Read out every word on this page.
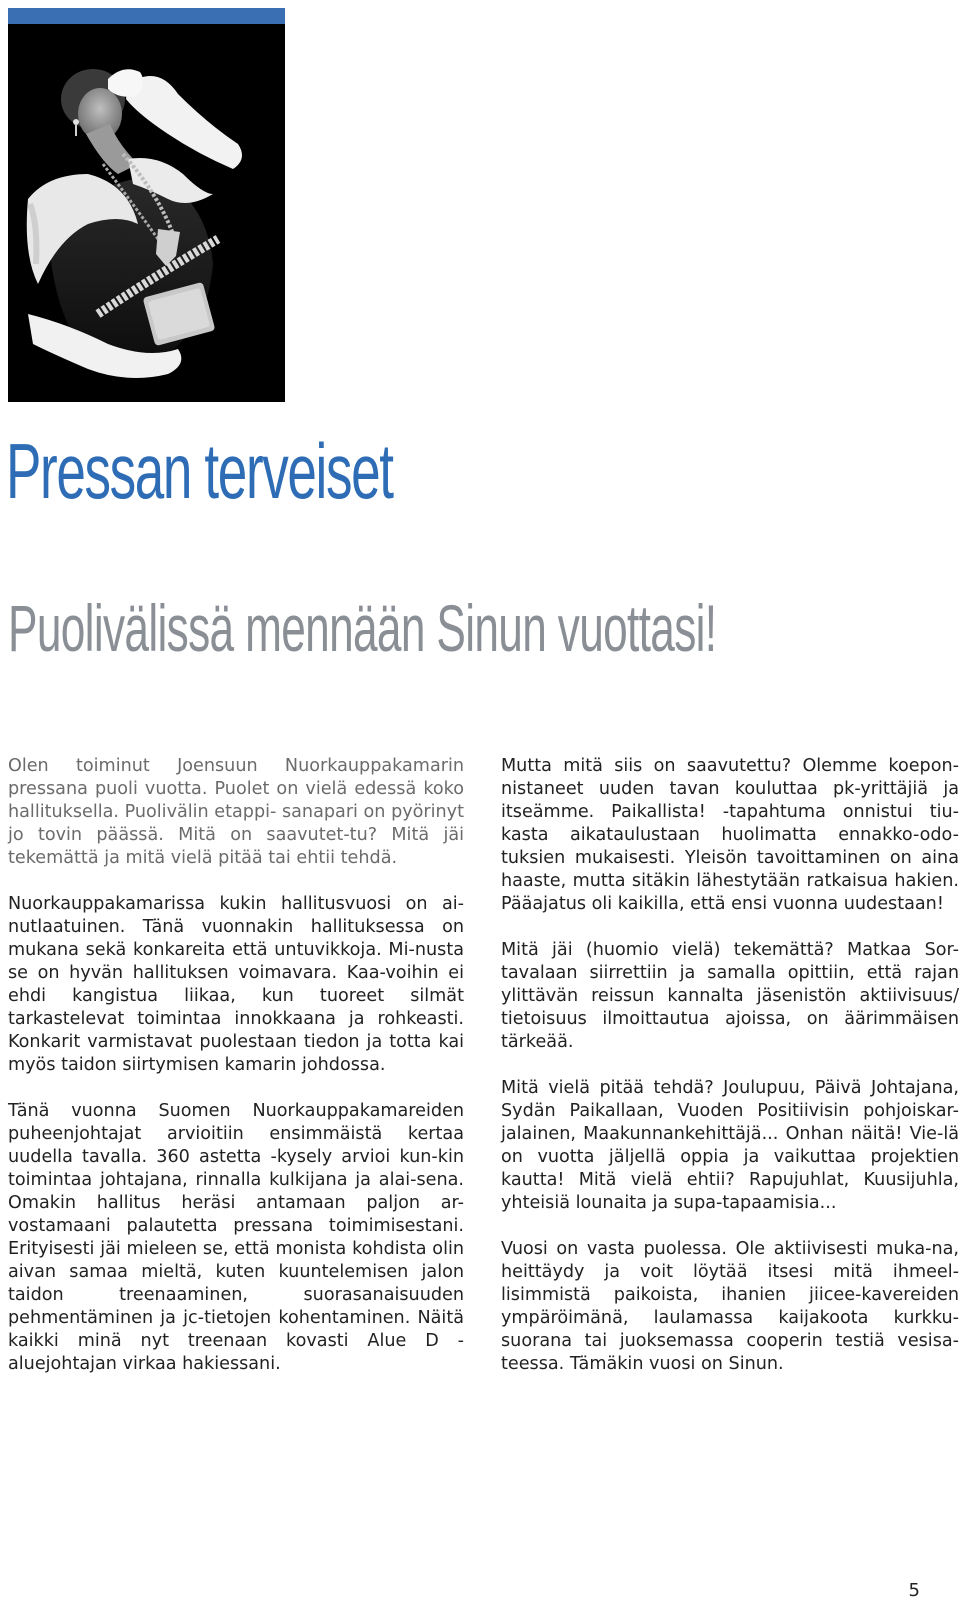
Pressan terveiset
Puolivälissä mennään Sinun vuottasi!

Olen toiminut Joensuun Nuorkauppakamarin pressana puoli vuotta. Puolet on vielä edessä koko hallituksella. Puolivälin etappi- sanapari on pyörinyt jo tovin päässä. Mitä on saavutet-tu? Mitä jäi tekemättä ja mitä vielä pitää tai ehtii tehdä.

Nuorkauppakamarissa kukin hallitusvuosi on ai-nutlaatuinen. Tänä vuonnakin hallituksessa on mukana sekä konkareita että untuvikkoja. Mi-nusta se on hyvän hallituksen voimavara. Kaa-voihin ei ehdi kangistua liikaa, kun tuoreet silmät tarkastelevat toimintaa innokkaana ja rohkeasti. Konkarit varmistavat puolestaan tiedon ja totta kai myös taidon siirtymisen kamarin johdossa.

Tänä vuonna Suomen Nuorkauppakamareiden puheenjohtajat arvioitiin ensimmäistä kertaa uudella tavalla. 360 astetta -kysely arvioi kun-kin toimintaa johtajana, rinnalla kulkijana ja alai-sena. Omakin hallitus heräsi antamaan paljon ar-vostamaani palautetta pressana toimimisestani. Erityisesti jäi mieleen se, että monista kohdista olin aivan samaa mieltä, kuten kuuntelemisen jalon taidon treenaaminen, suorasanaisuuden pehmentäminen ja jc-tietojen kohentaminen. Näitä kaikki minä nyt treenaan kovasti Alue D -aluejohtajan virkaa hakiessani.

Mutta mitä siis on saavutettu? Olemme koepon-nistaneet uuden tavan kouluttaa pk-yrittäjiä ja itseämme. Paikallista! -tapahtuma onnistui tiu-kasta aikataulustaan huolimatta ennakko-odo-tuksien mukaisesti. Yleisön tavoittaminen on aina haaste, mutta sitäkin lähestytään ratkaisua hakien. Pääajatus oli kaikilla, että ensi vuonna uudestaan!

Mitä jäi (huomio vielä) tekemättä? Matkaa Sor-tavalaan siirrettiin ja samalla opittiin, että rajan ylittävän reissun kannalta jäsenistön aktiivisuus/ tietoisuus ilmoittautua ajoissa, on äärimmäisen tärkeää.

Mitä vielä pitää tehdä? Joulupuu, Päivä Johtajana, Sydän Paikallaan, Vuoden Positiivisin pohjoiskar-jalainen, Maakunnankehittäjä... Onhan näitä! Vie-lä on vuotta jäljellä oppia ja vaikuttaa projektien kautta! Mitä vielä ehtii? Rapujuhlat, Kuusijuhla, yhteisiä lounaita ja supa-tapaamisia...

Vuosi on vasta puolessa. Ole aktiivisesti muka-na, heittäydy ja voit löytää itsesi mitä ihmeel-lisimmistä paikoista, ihanien jiicee-kavereiden ympäröimänä, laulamassa kaijakoota kurkku-suorana tai juoksemassa cooperin testiä vesisa-teessa. Tämäkin vuosi on Sinun.

5
